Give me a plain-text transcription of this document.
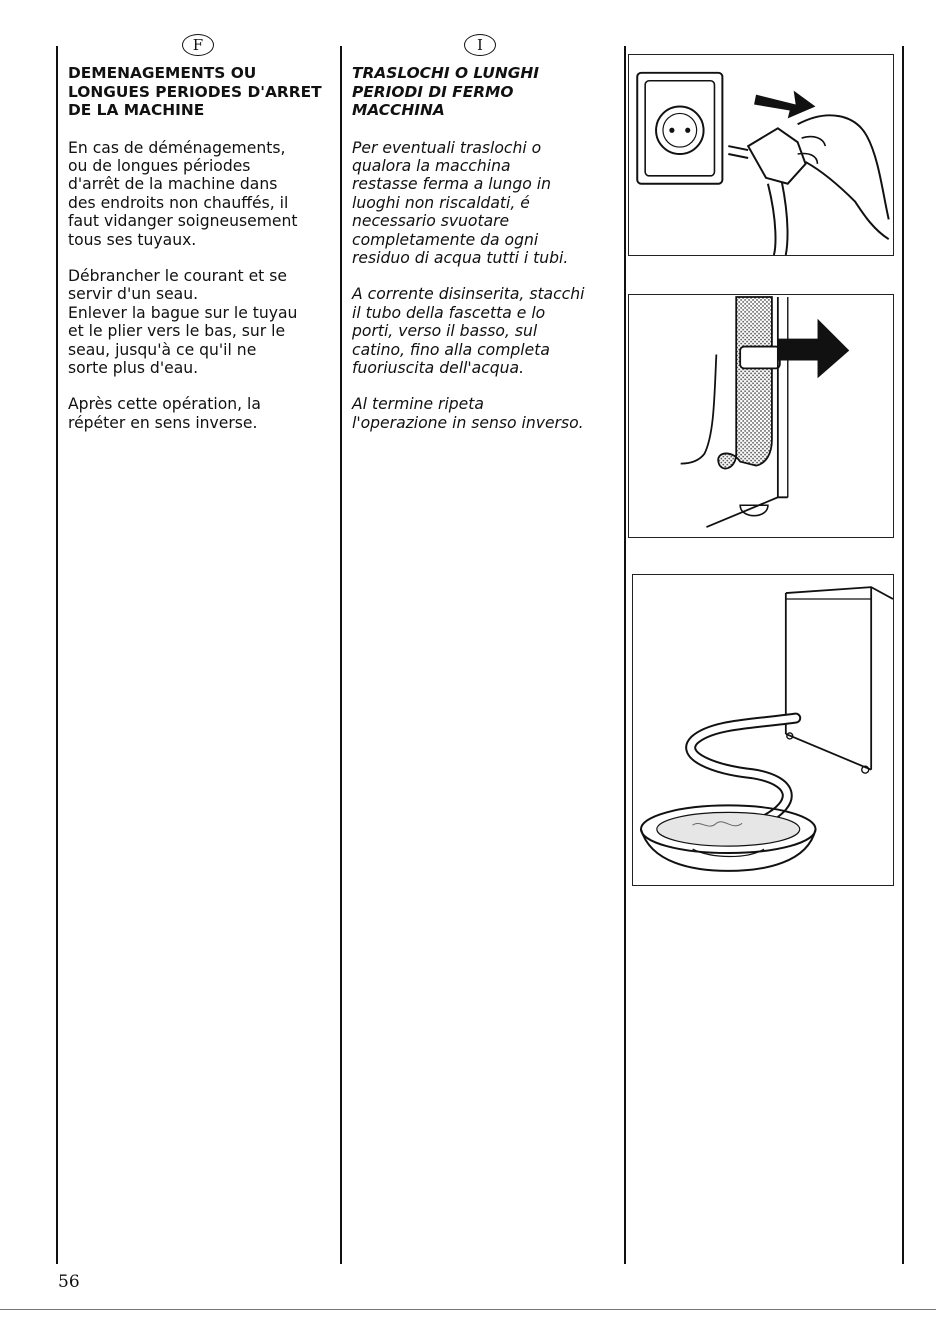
F
DEMENAGEMENTS OU
LONGUES PERIODES D'ARRET
DE LA MACHINE

En cas de déménagements,
ou de longues périodes
d'arrêt de la machine dans
des endroits non chauffés, il
faut vidanger soigneusement
tous ses tuyaux.

Débrancher le courant et se
servir d'un seau.
Enlever la bague sur le tuyau
et le plier vers le bas, sur le
seau, jusqu'à ce qu'il ne
sorte plus d'eau.

Après cette opération, la
répéter en sens inverse.

I
TRASLOCHI O LUNGHI
PERIODI DI FERMO
MACCHINA

Per eventuali traslochi o
qualora la macchina
restasse ferma a lungo in
luoghi non riscaldati, é
necessario svuotare
completamente da ogni
residuo di acqua tutti i tubi.

A corrente disinserita, stacchi
il tubo della fascetta e lo
porti, verso il basso, sul
catino, fino alla completa
fuoriuscita dell'acqua.

Al termine ripeta
l'operazione in senso inverso.

56
